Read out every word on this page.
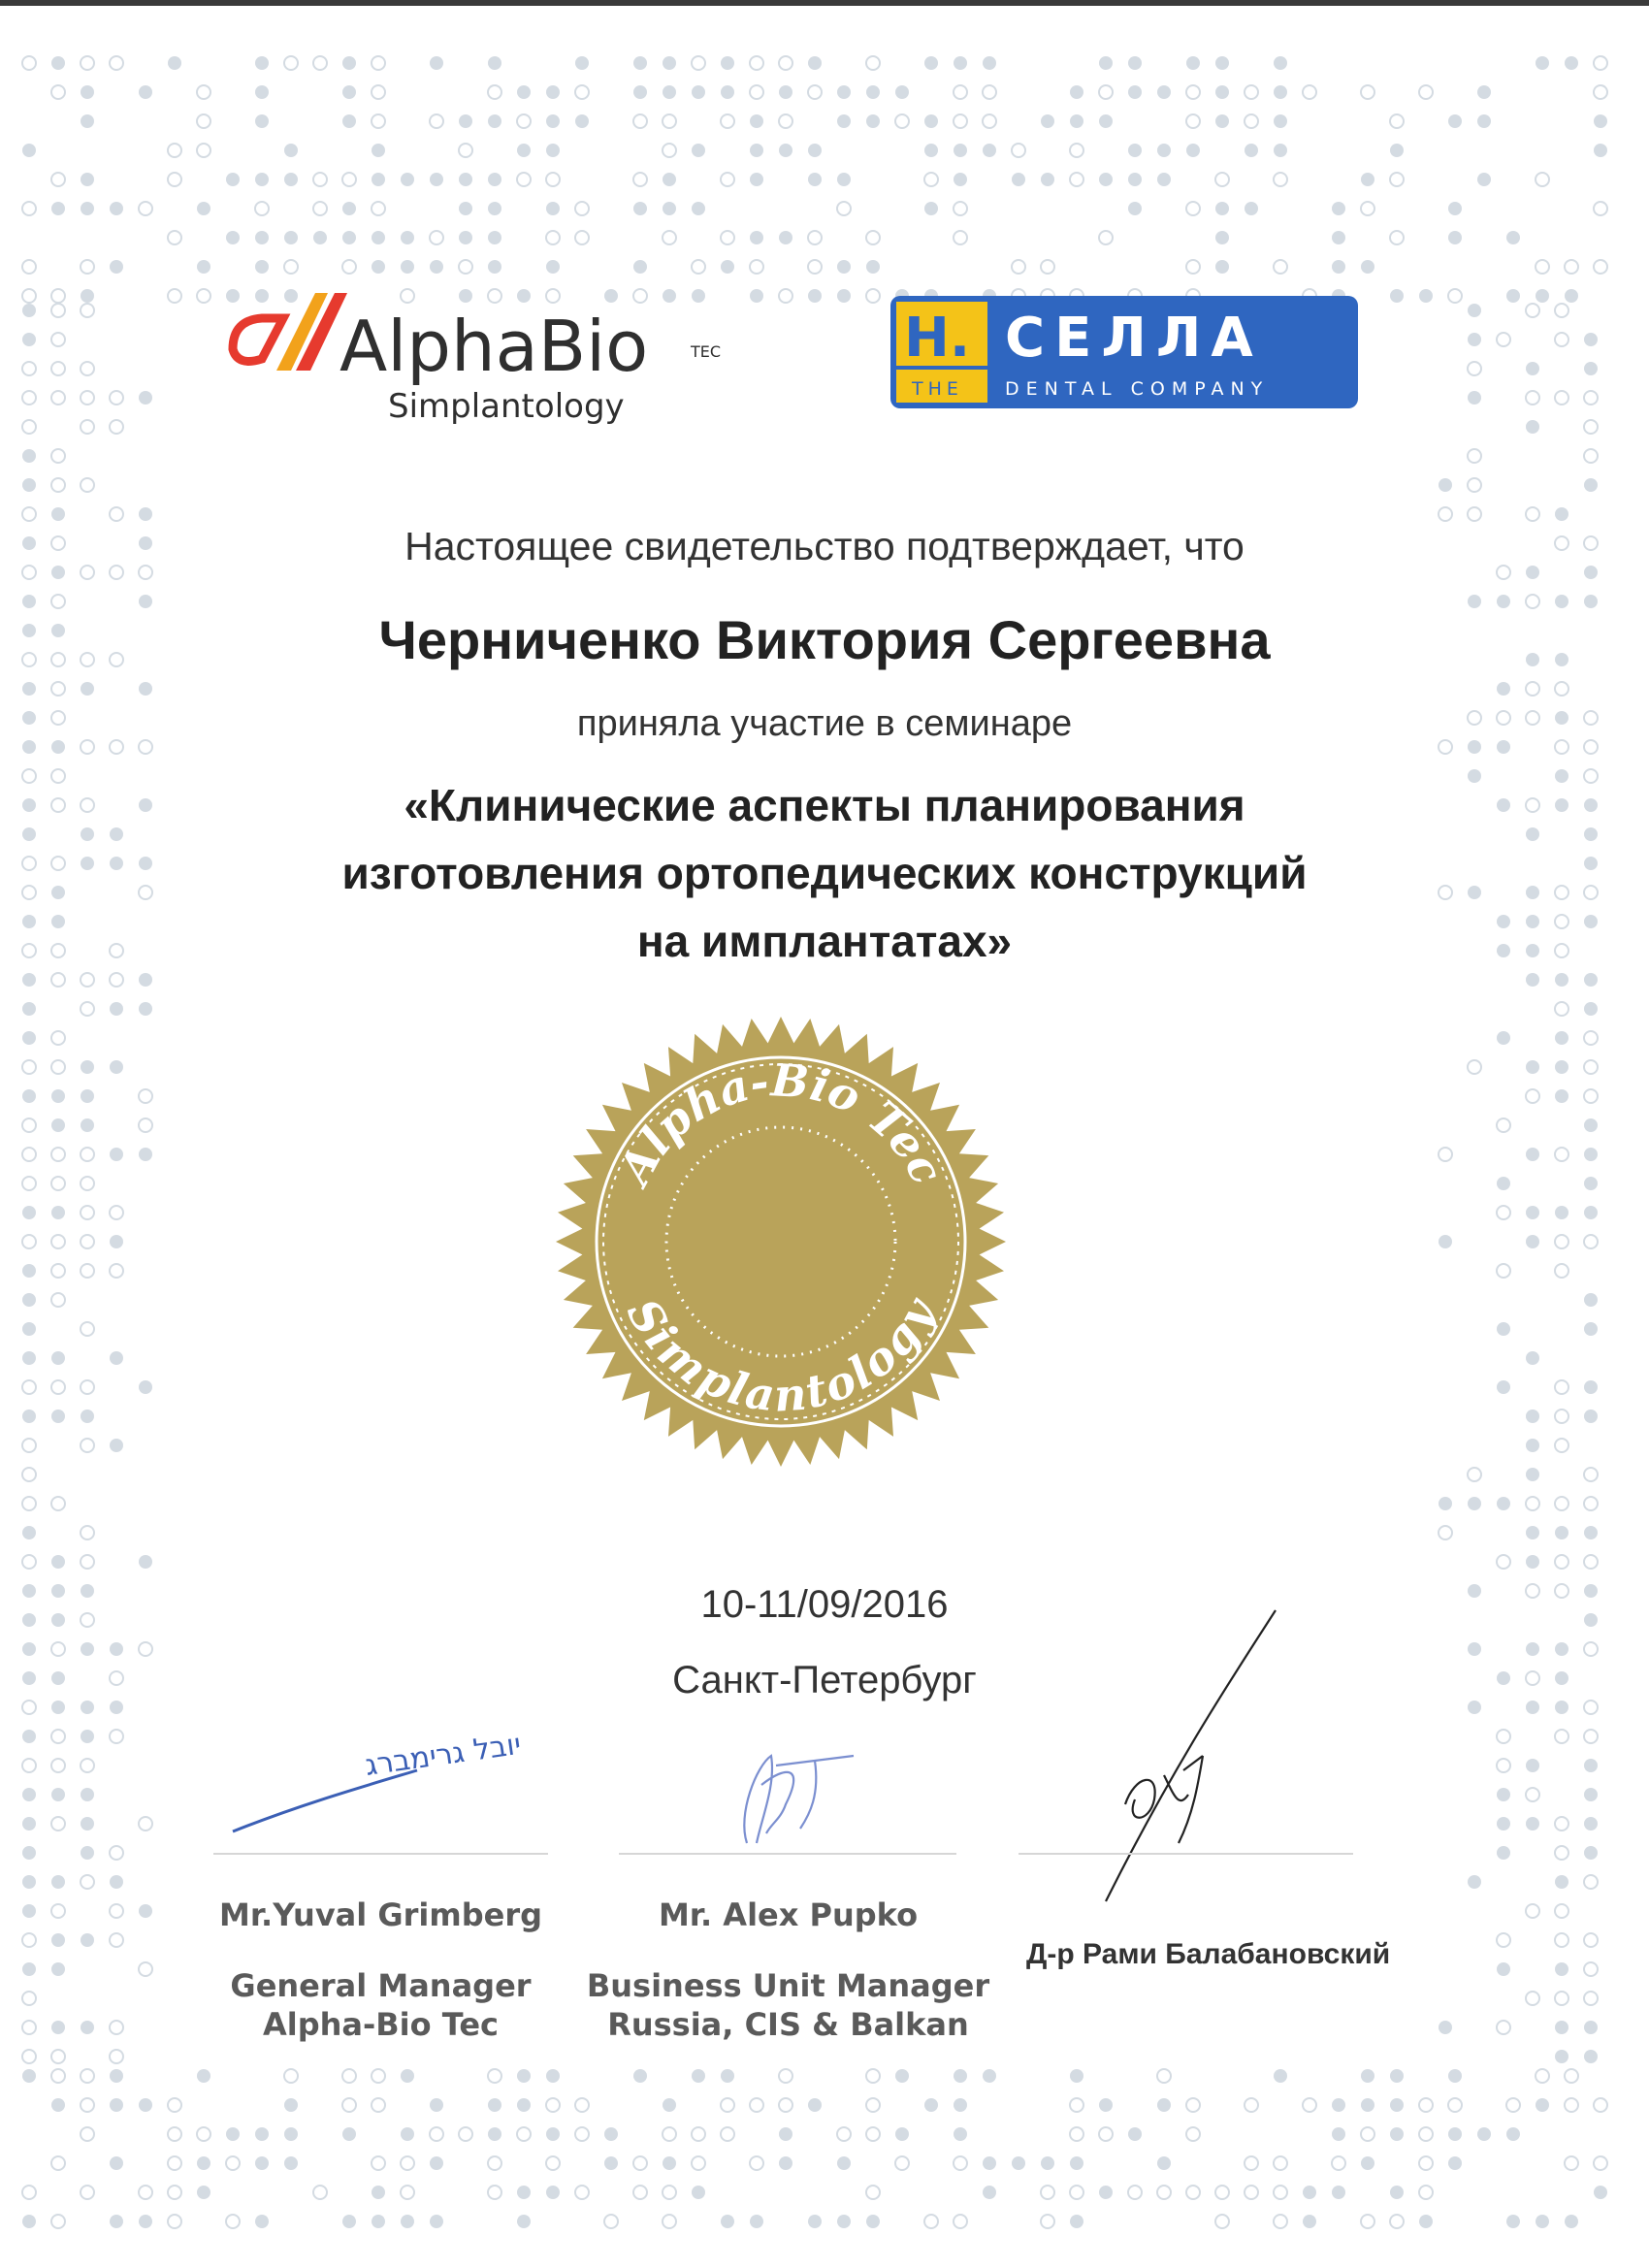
AlphaBio	TEC
Simplantology
H. СЕЛЛА
THE DENTAL COMPANY
Настоящее свидетельство подтверждает, что
Черниченко Виктория Сергеевна
приняла участие в семинаре
«Клинические аспекты планирования
изготовления ортопедических конструкций
на имплантатах»
Alpha-Bio Tec
Simplantology
10-11/09/2016
Санкт-Петербург
יובל גרימברג
Mr.Yuval Grimberg
General Manager
Alpha-Bio Tec
Mr. Alex Pupko
Business Unit Manager
Russia, CIS & Balkan
Д-р Рами Балабановский
